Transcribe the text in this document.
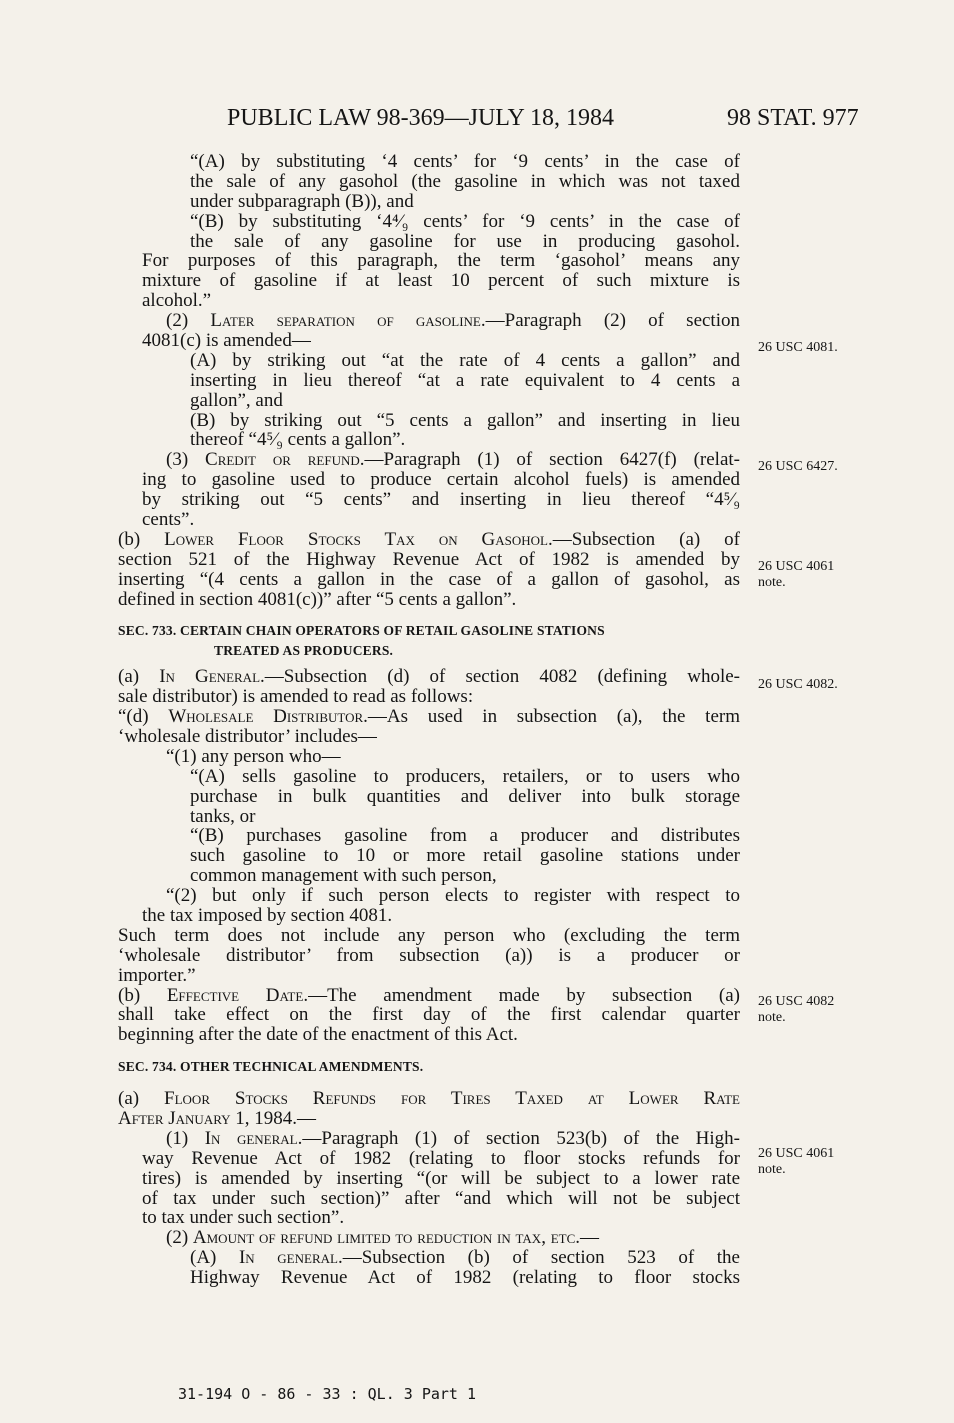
PUBLIC LAW 98-369—JULY 18, 1984	98 STAT. 977
“(A) by substituting ‘4 cents’ for ‘9 cents’ in the case of
the sale of any gasohol (the gasoline in which was not taxed
under subparagraph (B)), and
“(B) by substituting ‘4⁴⁄₉ cents’ for ‘9 cents’ in the case of
the sale of any gasoline for use in producing gasohol.
For purposes of this paragraph, the term ‘gasohol’ means any
mixture of gasoline if at least 10 percent of such mixture is
alcohol.”
(2) Later separation of gasoline.—Paragraph (2) of section
4081(c) is amended—
(A) by striking out “at the rate of 4 cents a gallon” and
inserting in lieu thereof “at a rate equivalent to 4 cents a
gallon”, and
(B) by striking out “5 cents a gallon” and inserting in lieu
thereof “4⁵⁄₉ cents a gallon”.
(3) Credit or refund.—Paragraph (1) of section 6427(f) (relat-
ing to gasoline used to produce certain alcohol fuels) is amended
by striking out “5 cents” and inserting in lieu thereof “4⁵⁄₉
cents”.
(b) Lower Floor Stocks Tax on Gasohol.—Subsection (a) of
section 521 of the Highway Revenue Act of 1982 is amended by
inserting “(4 cents a gallon in the case of a gallon of gasohol, as
defined in section 4081(c))” after “5 cents a gallon”.
SEC. 733. CERTAIN CHAIN OPERATORS OF RETAIL GASOLINE STATIONS
TREATED AS PRODUCERS.
(a) In General.—Subsection (d) of section 4082 (defining whole-
sale distributor) is amended to read as follows:
“(d) Wholesale Distributor.—As used in subsection (a), the term
‘wholesale distributor’ includes—
“(1) any person who—
“(A) sells gasoline to producers, retailers, or to users who
purchase in bulk quantities and deliver into bulk storage
tanks, or
“(B) purchases gasoline from a producer and distributes
such gasoline to 10 or more retail gasoline stations under
common management with such person,
“(2) but only if such person elects to register with respect to
the tax imposed by section 4081.
Such term does not include any person who (excluding the term
‘wholesale distributor’ from subsection (a)) is a producer or
importer.”
(b) Effective Date.—The amendment made by subsection (a)
shall take effect on the first day of the first calendar quarter
beginning after the date of the enactment of this Act.
SEC. 734. OTHER TECHNICAL AMENDMENTS.
(a) Floor Stocks Refunds for Tires Taxed at Lower Rate
After January 1, 1984.—
(1) In general.—Paragraph (1) of section 523(b) of the High-
way Revenue Act of 1982 (relating to floor stocks refunds for
tires) is amended by inserting “(or will be subject to a lower rate
of tax under such section)” after “and which will not be subject
to tax under such section”.
(2) Amount of refund limited to reduction in tax, etc.—
(A) In general.—Subsection (b) of section 523 of the
Highway Revenue Act of 1982 (relating to floor stocks
26 USC 4081.
26 USC 6427.
26 USC 4061
note.
26 USC 4082.
26 USC 4082
note.
26 USC 4061
note.
31-194 O - 86 - 33 : QL. 3 Part 1
